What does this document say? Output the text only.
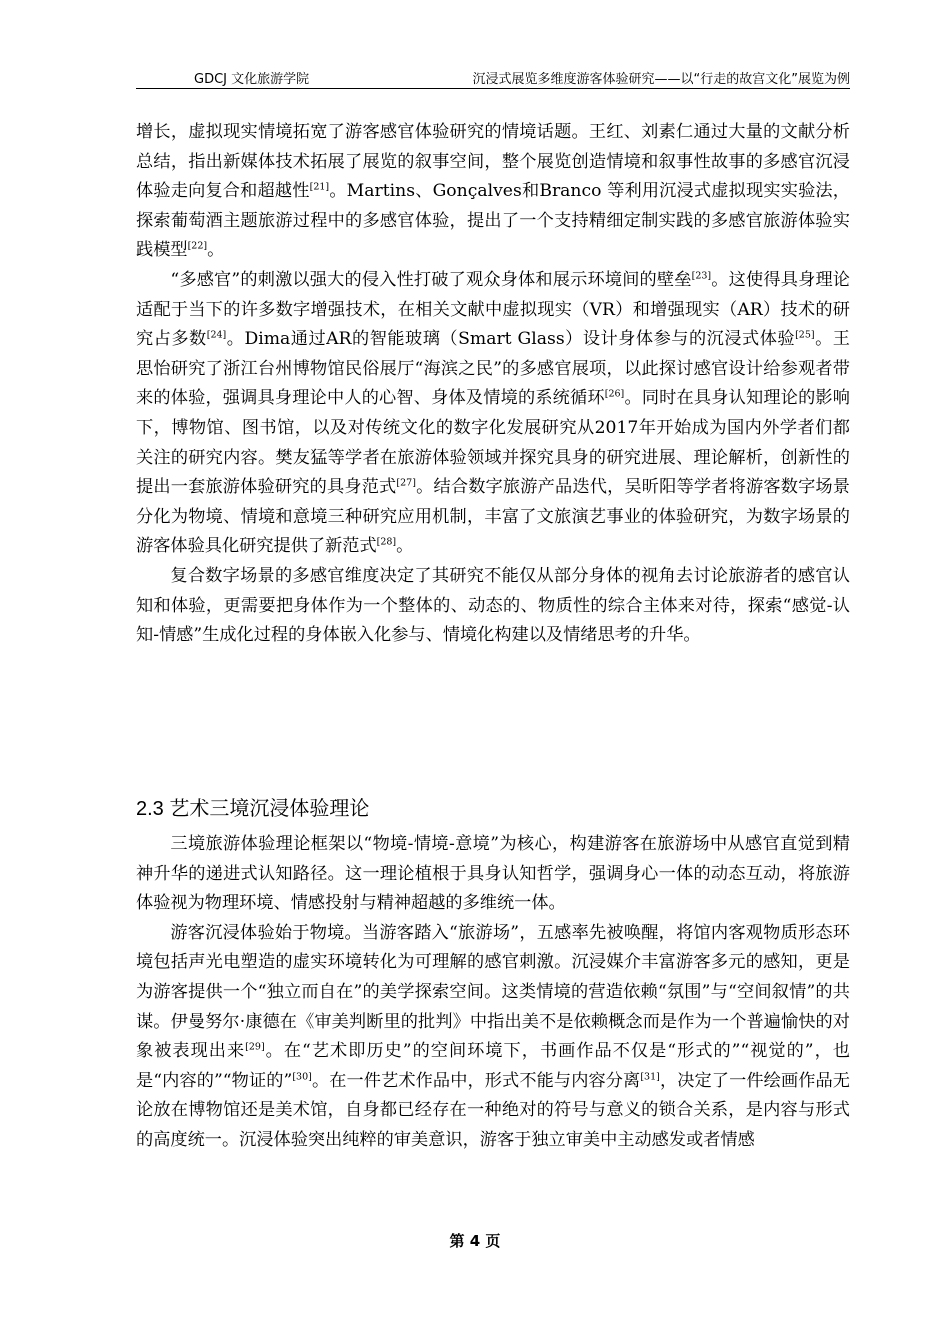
GDCJ 文化旅游学院	沉浸式展览多维度游客体验研究——以“行走的故宫文化”展览为例

增长，虚拟现实情境拓宽了游客感官体验研究的情境话题。王红、刘素仁通过大量的文献分析总结，指出新媒体技术拓展了展览的叙事空间，整个展览创造情境和叙事性故事的多感官沉浸体验走向复合和超越性[21]。Martins、Gonçalves和Branco 等利用沉浸式虚拟现实实验法，探索葡萄酒主题旅游过程中的多感官体验，提出了一个支持精细定制实践的多感官旅游体验实践模型[22]。

“多感官”的刺激以强大的侵入性打破了观众身体和展示环境间的壁垒[23]。这使得具身理论适配于当下的许多数字增强技术，在相关文献中虚拟现实（VR）和增强现实（AR）技术的研究占多数[24]。Dima通过AR的智能玻璃（Smart Glass）设计身体参与的沉浸式体验[25]。王思怡研究了浙江台州博物馆民俗展厅“海滨之民”的多感官展项，以此探讨感官设计给参观者带来的体验，强调具身理论中人的心智、身体及情境的系统循环[26]。同时在具身认知理论的影响下，博物馆、图书馆，以及对传统文化的数字化发展研究从2017年开始成为国内外学者们都关注的研究内容。樊友猛等学者在旅游体验领域并探究具身的研究进展、理论解析，创新性的提出一套旅游体验研究的具身范式[27]。结合数字旅游产品迭代，吴昕阳等学者将游客数字场景分化为物境、情境和意境三种研究应用机制，丰富了文旅演艺事业的体验研究，为数字场景的游客体验具化研究提供了新范式[28]。

复合数字场景的多感官维度决定了其研究不能仅从部分身体的视角去讨论旅游者的感官认知和体验，更需要把身体作为一个整体的、动态的、物质性的综合主体来对待，探索“感觉-认知-情感”生成化过程的身体嵌入化参与、情境化构建以及情绪思考的升华。

2.3 艺术三境沉浸体验理论

三境旅游体验理论框架以“物境-情境-意境”为核心，构建游客在旅游场中从感官直觉到精神升华的递进式认知路径。这一理论植根于具身认知哲学，强调身心一体的动态互动，将旅游体验视为物理环境、情感投射与精神超越的多维统一体。

游客沉浸体验始于物境。当游客踏入“旅游场”，五感率先被唤醒，将馆内客观物质形态环境包括声光电塑造的虚实环境转化为可理解的感官刺激。沉浸媒介丰富游客多元的感知，更是为游客提供一个“独立而自在”的美学探索空间。这类情境的营造依赖“氛围”与“空间叙情”的共谋。伊曼努尔·康德在《审美判断里的批判》中指出美不是依赖概念而是作为一个普遍愉快的对象被表现出来[29]。在“艺术即历史”的空间环境下，书画作品不仅是“形式的”“视觉的”，也是“内容的”“物证的”[30]。在一件艺术作品中，形式不能与内容分离[31]，决定了一件绘画作品无论放在博物馆还是美术馆，自身都已经存在一种绝对的符号与意义的锁合关系，是内容与形式的高度统一。沉浸体验突出纯粹的审美意识，游客于独立审美中主动感发或者情感

第 4 页
